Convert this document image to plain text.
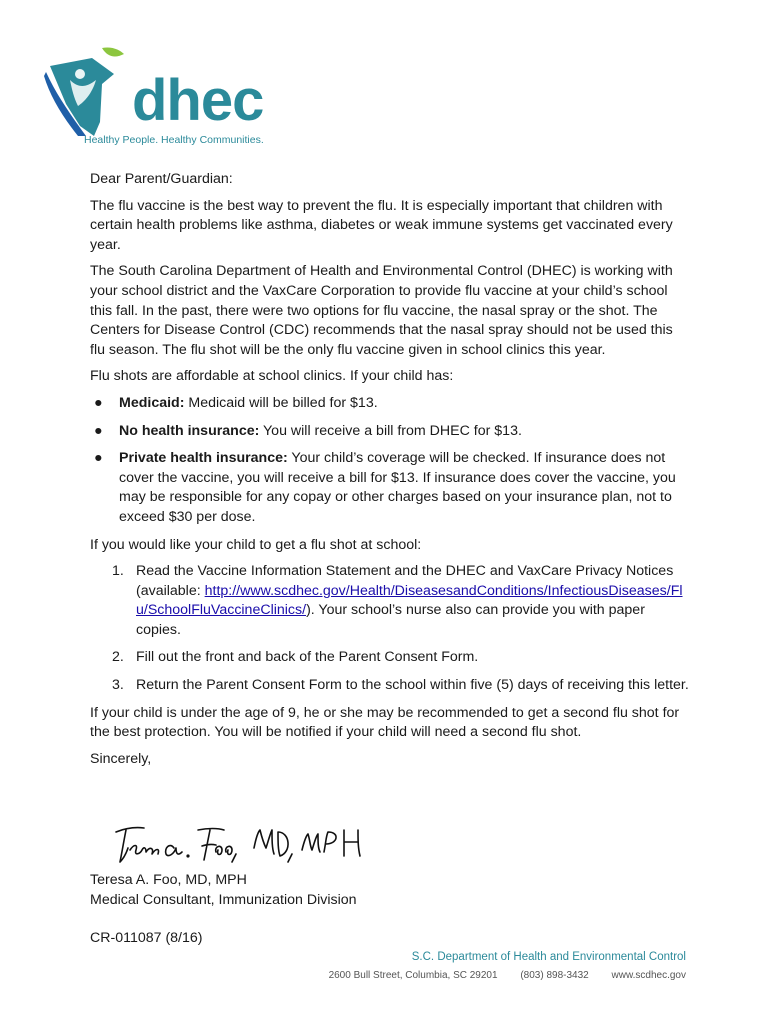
dhec
Healthy People. Healthy Communities.

Dear Parent/Guardian:

The flu vaccine is the best way to prevent the flu. It is especially important that children with certain health problems like asthma, diabetes or weak immune systems get vaccinated every year.

The South Carolina Department of Health and Environmental Control (DHEC) is working with your school district and the VaxCare Corporation to provide flu vaccine at your child’s school this fall. In the past, there were two options for flu vaccine, the nasal spray or the shot. The Centers for Disease Control (CDC) recommends that the nasal spray should not be used this flu season. The flu shot will be the only flu vaccine given in school clinics this year.

Flu shots are affordable at school clinics. If your child has:

● Medicaid: Medicaid will be billed for $13.
● No health insurance: You will receive a bill from DHEC for $13.
● Private health insurance: Your child’s coverage will be checked. If insurance does not cover the vaccine, you will receive a bill for $13. If insurance does cover the vaccine, you may be responsible for any copay or other charges based on your insurance plan, not to exceed $30 per dose.

If you would like your child to get a flu shot at school:

1. Read the Vaccine Information Statement and the DHEC and VaxCare Privacy Notices (available: http://www.scdhec.gov/Health/DiseasesandConditions/InfectiousDiseases/Flu/SchoolFluVaccineClinics/). Your school’s nurse also can provide you with paper copies.
2. Fill out the front and back of the Parent Consent Form.
3. Return the Parent Consent Form to the school within five (5) days of receiving this letter.

If your child is under the age of 9, he or she may be recommended to get a second flu shot for the best protection. You will be notified if your child will need a second flu shot.

Sincerely,

Teresa A. Foo, MD, MPH
Medical Consultant, Immunization Division
CR-011087 (8/16)
S.C. Department of Health and Environmental Control
2600 Bull Street, Columbia, SC 29201 (803) 898-3432 www.scdhec.gov
